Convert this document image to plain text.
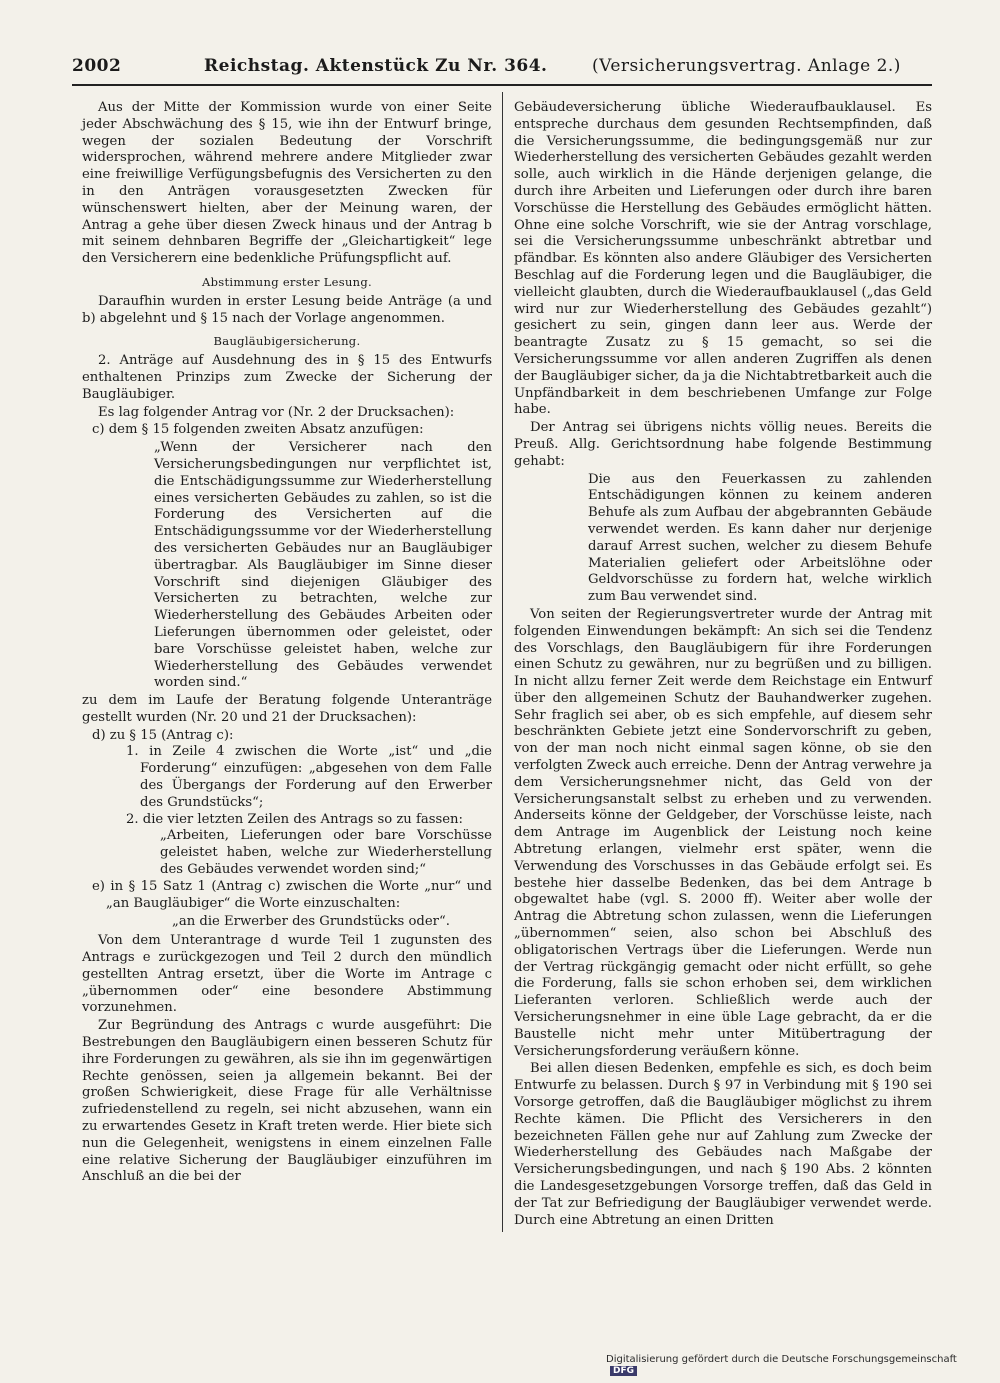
2002	Reichstag. Aktenstück Zu Nr. 364.	(Versicherungsvertrag. Anlage 2.)

Aus der Mitte der Kommission wurde von einer Seite jeder Abschwächung des § 15, wie ihn der Entwurf bringe, wegen der sozialen Bedeutung der Vorschrift widersprochen, während mehrere andere Mitglieder zwar eine freiwillige Verfügungsbefugnis des Versicherten zu den in den Anträgen vorausgesetzten Zwecken für wünschenswert hielten, aber der Meinung waren, der Antrag a gehe über diesen Zweck hinaus und der Antrag b mit seinem dehnbaren Begriffe der „Gleichartigkeit“ lege den Versicherern eine bedenkliche Prüfungspflicht auf.

Abstimmung erster Lesung.

Daraufhin wurden in erster Lesung beide Anträge (a und b) abgelehnt und § 15 nach der Vorlage angenommen.

Baugläubigersicherung.

2. Anträge auf Ausdehnung des in § 15 des Entwurfs enthaltenen Prinzips zum Zwecke der Sicherung der Baugläubiger.

Es lag folgender Antrag vor (Nr. 2 der Drucksachen):

c) dem § 15 folgenden zweiten Absatz anzufügen:

„Wenn der Versicherer nach den Versicherungsbedingungen nur verpflichtet ist, die Entschädigungssumme zur Wiederherstellung eines versicherten Gebäudes zu zahlen, so ist die Forderung des Versicherten auf die Entschädigungssumme vor der Wiederherstellung des versicherten Gebäudes nur an Baugläubiger übertragbar. Als Baugläubiger im Sinne dieser Vorschrift sind diejenigen Gläubiger des Versicherten zu betrachten, welche zur Wiederherstellung des Gebäudes Arbeiten oder Lieferungen übernommen oder geleistet, oder bare Vorschüsse geleistet haben, welche zur Wiederherstellung des Gebäudes verwendet worden sind.“

zu dem im Laufe der Beratung folgende Unteranträge gestellt wurden (Nr. 20 und 21 der Drucksachen):

d) zu § 15 (Antrag c):

1. in Zeile 4 zwischen die Worte „ist“ und „die Forderung“ einzufügen: „abgesehen von dem Falle des Übergangs der Forderung auf den Erwerber des Grundstücks“;

2. die vier letzten Zeilen des Antrags so zu fassen:

„Arbeiten, Lieferungen oder bare Vorschüsse geleistet haben, welche zur Wiederherstellung des Gebäudes verwendet worden sind;“

e) in § 15 Satz 1 (Antrag c) zwischen die Worte „nur“ und „an Baugläubiger“ die Worte einzuschalten:

„an die Erwerber des Grundstücks oder“.

Von dem Unterantrage d wurde Teil 1 zugunsten des Antrags e zurückgezogen und Teil 2 durch den mündlich gestellten Antrag ersetzt, über die Worte im Antrage c „übernommen oder“ eine besondere Abstimmung vorzunehmen.

Zur Begründung des Antrags c wurde ausgeführt: Die Bestrebungen den Baugläubigern einen besseren Schutz für ihre Forderungen zu gewähren, als sie ihn im gegenwärtigen Rechte genössen, seien ja allgemein bekannt. Bei der großen Schwierigkeit, diese Frage für alle Verhältnisse zufriedenstellend zu regeln, sei nicht abzusehen, wann ein zu erwartendes Gesetz in Kraft treten werde. Hier biete sich nun die Gelegenheit, wenigstens in einem einzelnen Falle eine relative Sicherung der Baugläubiger einzuführen im Anschluß an die bei der

Gebäudeversicherung übliche Wiederaufbauklausel. Es entspreche durchaus dem gesunden Rechtsempfinden, daß die Versicherungssumme, die bedingungsgemäß nur zur Wiederherstellung des versicherten Gebäudes gezahlt werden solle, auch wirklich in die Hände derjenigen gelange, die durch ihre Arbeiten und Lieferungen oder durch ihre baren Vorschüsse die Herstellung des Gebäudes ermöglicht hätten. Ohne eine solche Vorschrift, wie sie der Antrag vorschlage, sei die Versicherungssumme unbeschränkt abtretbar und pfändbar. Es könnten also andere Gläubiger des Versicherten Beschlag auf die Forderung legen und die Baugläubiger, die vielleicht glaubten, durch die Wiederaufbauklausel („das Geld wird nur zur Wiederherstellung des Gebäudes gezahlt“) gesichert zu sein, gingen dann leer aus. Werde der beantragte Zusatz zu § 15 gemacht, so sei die Versicherungssumme vor allen anderen Zugriffen als denen der Baugläubiger sicher, da ja die Nichtabtretbarkeit auch die Unpfändbarkeit in dem beschriebenen Umfange zur Folge habe.

Der Antrag sei übrigens nichts völlig neues. Bereits die Preuß. Allg. Gerichtsordnung habe folgende Bestimmung gehabt:

Die aus den Feuerkassen zu zahlenden Entschädigungen können zu keinem anderen Behufe als zum Aufbau der abgebrannten Gebäude verwendet werden. Es kann daher nur derjenige darauf Arrest suchen, welcher zu diesem Behufe Materialien geliefert oder Arbeitslöhne oder Geldvorschüsse zu fordern hat, welche wirklich zum Bau verwendet sind.

Von seiten der Regierungsvertreter wurde der Antrag mit folgenden Einwendungen bekämpft: An sich sei die Tendenz des Vorschlags, den Baugläubigern für ihre Forderungen einen Schutz zu gewähren, nur zu begrüßen und zu billigen. In nicht allzu ferner Zeit werde dem Reichstage ein Entwurf über den allgemeinen Schutz der Bauhandwerker zugehen. Sehr fraglich sei aber, ob es sich empfehle, auf diesem sehr beschränkten Gebiete jetzt eine Sondervorschrift zu geben, von der man noch nicht einmal sagen könne, ob sie den verfolgten Zweck auch erreiche. Denn der Antrag verwehre ja dem Versicherungsnehmer nicht, das Geld von der Versicherungsanstalt selbst zu erheben und zu verwenden. Anderseits könne der Geldgeber, der Vorschüsse leiste, nach dem Antrage im Augenblick der Leistung noch keine Abtretung erlangen, vielmehr erst später, wenn die Verwendung des Vorschusses in das Gebäude erfolgt sei. Es bestehe hier dasselbe Bedenken, das bei dem Antrage b obgewaltet habe (vgl. S. 2000 ff). Weiter aber wolle der Antrag die Abtretung schon zulassen, wenn die Lieferungen „übernommen“ seien, also schon bei Abschluß des obligatorischen Vertrags über die Lieferungen. Werde nun der Vertrag rückgängig gemacht oder nicht erfüllt, so gehe die Forderung, falls sie schon erhoben sei, dem wirklichen Lieferanten verloren. Schließlich werde auch der Versicherungsnehmer in eine üble Lage gebracht, da er die Baustelle nicht mehr unter Mitübertragung der Versicherungsforderung veräußern könne.

Bei allen diesen Bedenken, empfehle es sich, es doch beim Entwurfe zu belassen. Durch § 97 in Verbindung mit § 190 sei Vorsorge getroffen, daß die Baugläubiger möglichst zu ihrem Rechte kämen. Die Pflicht des Versicherers in den bezeichneten Fällen gehe nur auf Zahlung zum Zwecke der Wiederherstellung des Gebäudes nach Maßgabe der Versicherungsbedingungen, und nach § 190 Abs. 2 könnten die Landesgesetzgebungen Vorsorge treffen, daß das Geld in der Tat zur Befriedigung der Baugläubiger verwendet werde. Durch eine Abtretung an einen Dritten

Digitalisierung gefördert durch die Deutsche Forschungsgemeinschaft DFG
